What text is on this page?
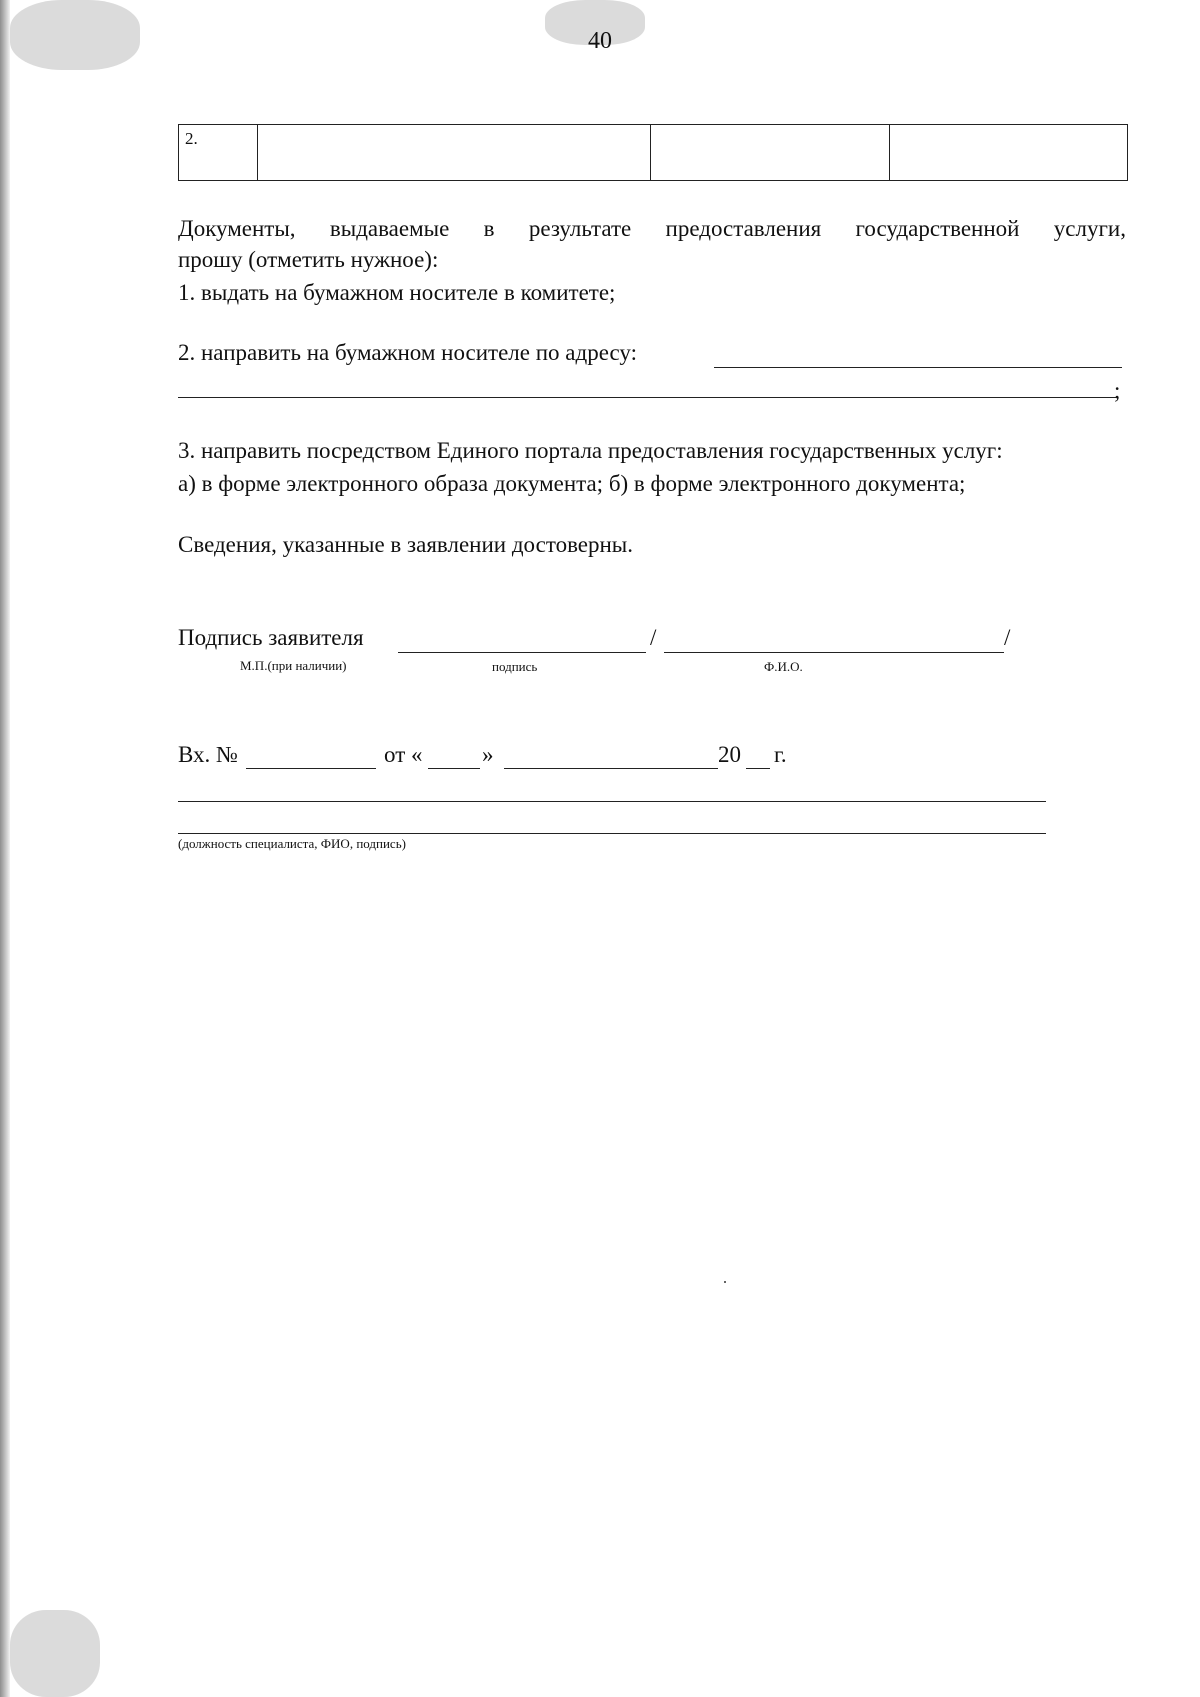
40
2.			
Документы, выдаваемые в результате предоставления государственной услуги,
прошу (отметить нужное):
1. выдать на бумажном носителе в комитете;
2. направить на бумажном носителе по адресу:
;
3. направить посредством Единого портала предоставления государственных услуг:
а) в форме электронного образа документа; б) в форме электронного документа;
Сведения, указанные в заявлении достоверны.
Подпись заявителя	/	/
М.П.(при наличии)	подпись	Ф.И.О.
Вх. №	от «	»	20 г.
(должность специалиста, ФИО, подпись)
